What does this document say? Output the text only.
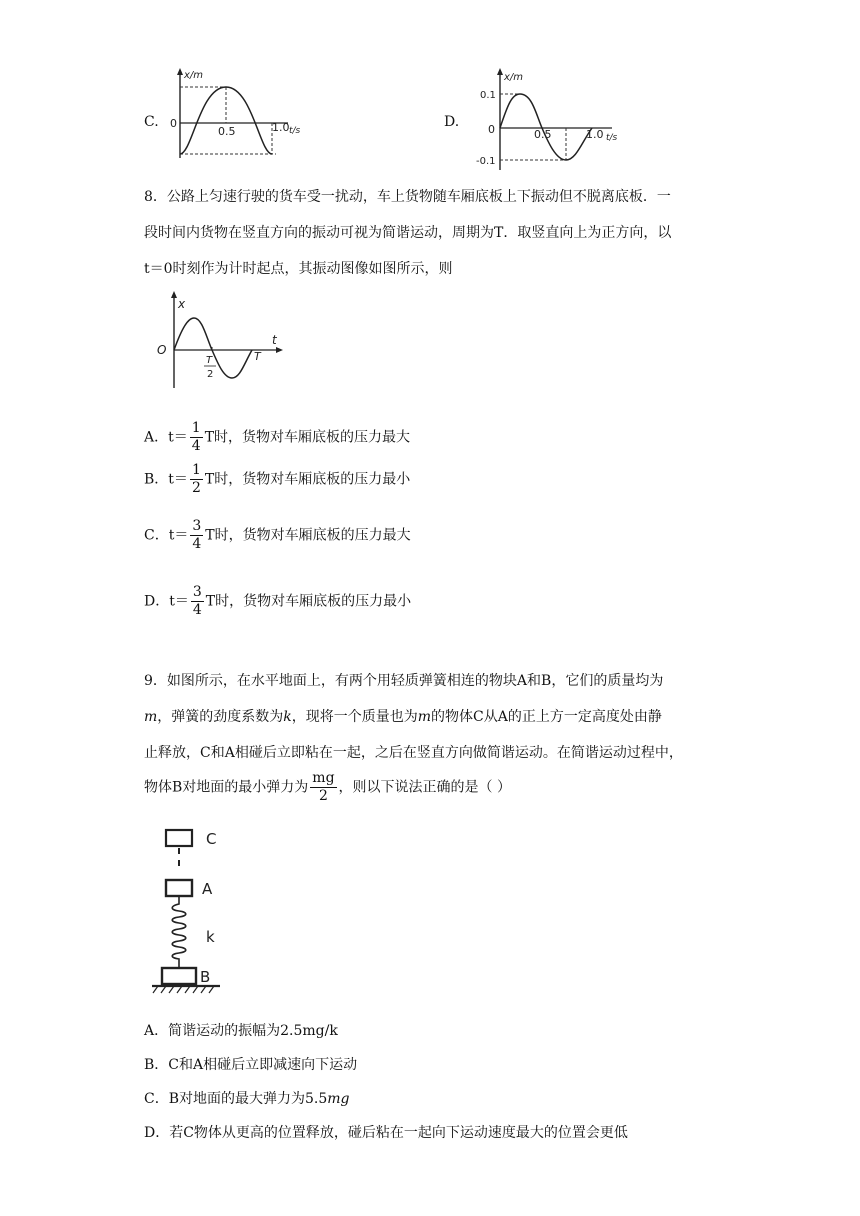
C.
x/m
0
0.5	1.0 t/s
D.
x/m
0.1
0
-0.1
0.5	1.0 t/s
8．公路上匀速行驶的货车受一扰动，车上货物随车厢底板上下振动但不脱离底板．一
段时间内货物在竖直方向的振动可视为简谐运动，周期为T．取竖直向上为正方向，以
t＝0时刻作为计时起点，其振动图像如图所示，则
x
O
t
T
2
T
A．$t= \frac{1}{4}$ T时，货物对车厢底板的压力最大
B．$t= \frac{1}{2}$ T时，货物对车厢底板的压力最小
C．$t= \frac{3}{4}$ T时，货物对车厢底板的压力最大
D．$t= \frac{3}{4}$ T时，货物对车厢底板的压力最小
9．如图所示，在水平地面上，有两个用轻质弹簧相连的物块A和B，它们的质量均为
m，弹簧的劲度系数为k，现将一个质量也为m的物体C从A的正上方一定高度处由静
止释放，C和A相碰后立即粘在一起，之后在竖直方向做简谐运动。在简谐运动过程中，
物体B对地面的最小弹力为 $\frac{mg}{2}$ ，则以下说法正确的是（ ）
C
A
k
B
A．简谐运动的振幅为2.5mg/k
B．C和A相碰后立即减速向下运动
C．B对地面的最大弹力为5.5mg
D．若C物体从更高的位置释放，碰后粘在一起向下运动速度最大的位置会更低
